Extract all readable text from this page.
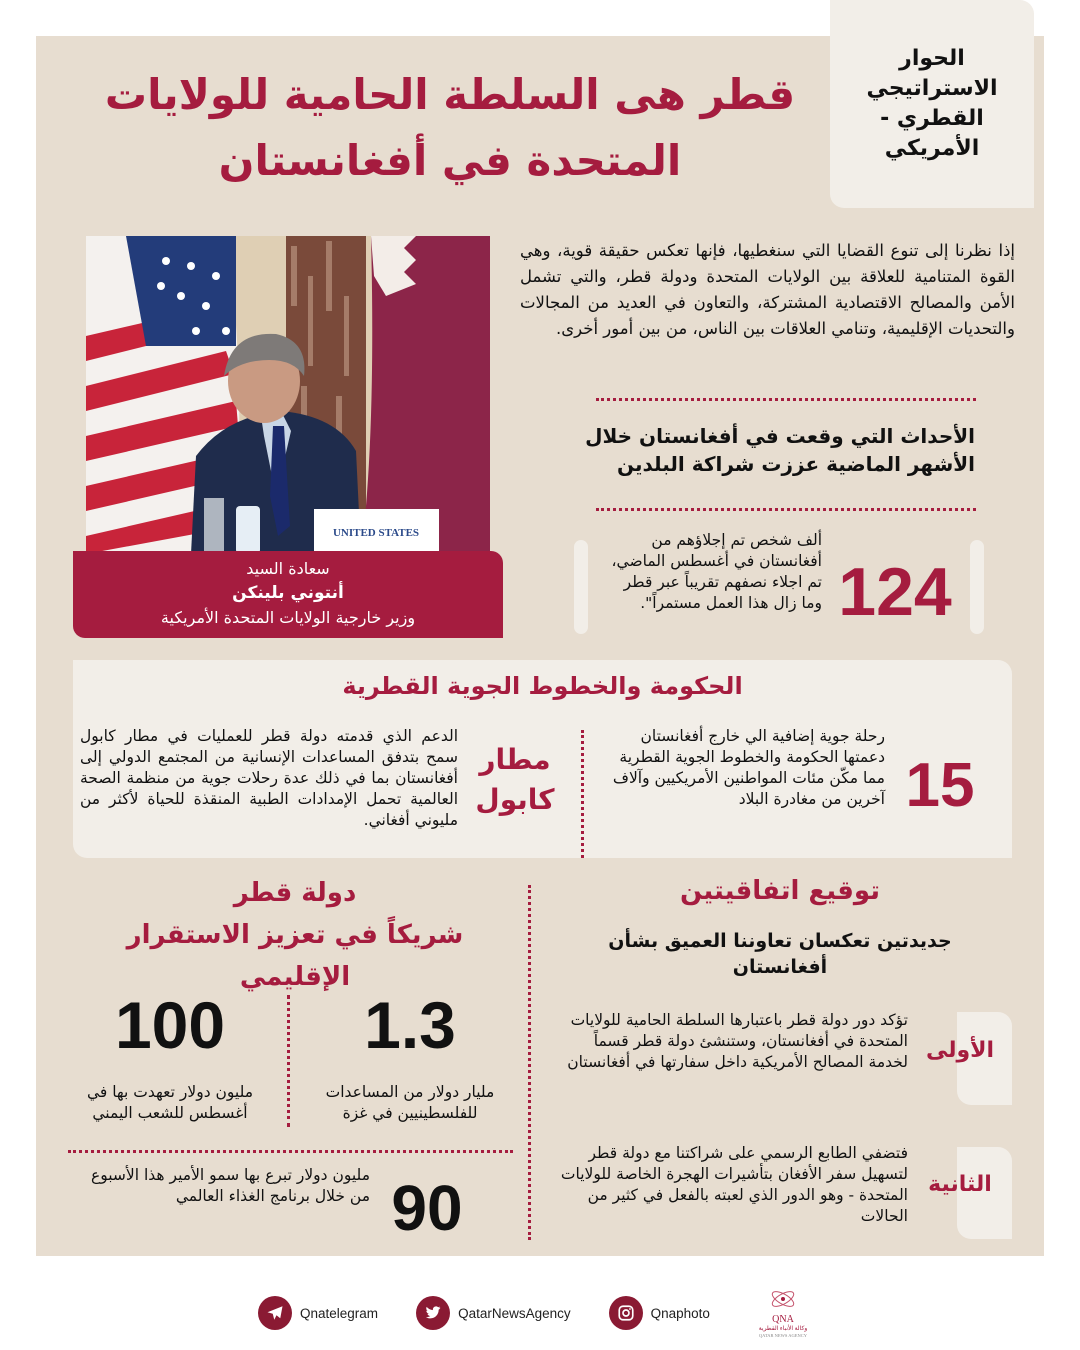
الحوار الاستراتيجي
القطري - الأمريكي
قطر هى السلطة الحامية للولايات
المتحدة في أفغانستان
UNITED STATES
سعادة السيد
أنتوني بلينكن
وزير خارجية الولايات المتحدة الأمريكية
إذا نظرنا إلى تنوع القضايا التي سنغطيها، فإنها تعكس حقيقة قوية، وهي القوة المتنامية للعلاقة بين الولايات المتحدة ودولة قطر، والتي تشمل الأمن والمصالح الاقتصادية المشتركة، والتعاون في العديد من المجالات والتحديات الإقليمية، وتنامي العلاقات بين الناس، من بين أمور أخرى.
الأحداث التي وقعت في أفغانستان خلال الأشهر الماضية عززت شراكة البلدين
124
ألف شخص تم إجلاؤهم من أفغانستان في أغسطس الماضي، تم اجلاء نصفهم تقريباً عبر قطر وما زال هذا العمل مستمراً".
الحكومة والخطوط الجوية القطرية
15
رحلة جوية إضافية الي خارج أفغانستان دعمتها الحكومة والخطوط الجوية القطرية مما مكّن مئات المواطنين الأمريكيين وآلاف آخرين من مغادرة البلاد
مطار
كابول
الدعم الذي قدمته دولة قطر للعمليات في مطار كابول سمح بتدفق المساعدات الإنسانية من المجتمع الدولي إلى أفغانستان بما في ذلك عدة رحلات جوية من منظمة الصحة العالمية تحمل الإمدادات الطبية المنقذة للحياة لأكثر من مليوني أفغاني.
توقيع اتفاقيتين
جديدتين تعكسان تعاوننا العميق بشأن أفغانستان
الأولى
تؤكد دور دولة قطر باعتبارها السلطة الحامية للولايات المتحدة في أفغانستان، وستنشئ دولة قطر قسماً لخدمة المصالح الأمريكية داخل سفارتها في أفغانستان
الثانية
فتضفي الطابع الرسمي على شراكتنا مع دولة قطر لتسهيل سفر الأفغان بتأشيرات الهجرة الخاصة للولايات المتحدة - وهو الدور الذي لعبته بالفعل في كثير من الحالات
دولة قطر
شريكاً في تعزيز الاستقرار الإقليمي
1.3
مليار دولار من المساعدات للفلسطينيين في غزة
100
مليون دولار تعهدت بها في أغسطس للشعب اليمني
90
مليون دولار تبرع بها سمو الأمير هذا الأسبوع من خلال برنامج الغذاء العالمي
Qnatelegram	QatarNewsAgency	Qnaphoto	QNA
وكالة الأنباء القطرية
QATAR NEWS AGENCY
